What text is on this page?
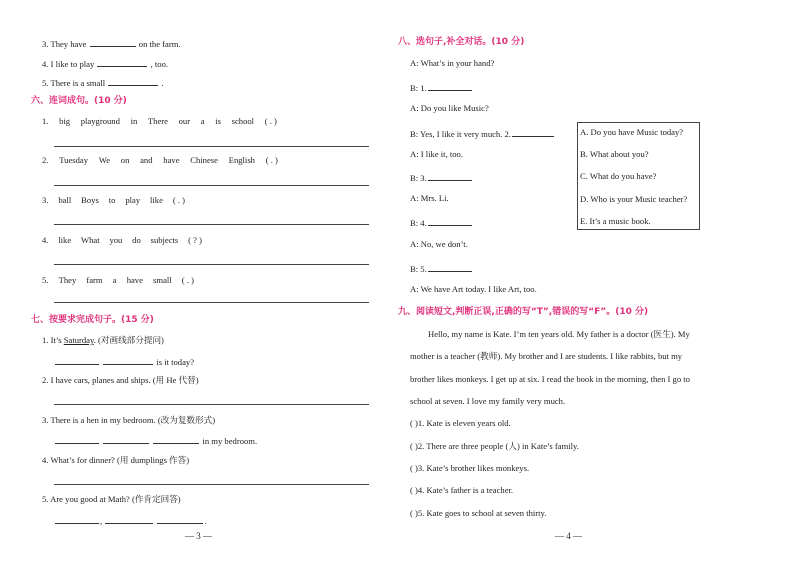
3. They have	on the farm.
4. I like to play	, too.
5. There is a small	.
六、连词成句。(10 分)
1. big playground in There our a is school ( . )
2. Tuesday We on and have Chinese English ( . )
3. ball Boys to play like ( . )
4. like What you do subjects ( ? )
5. They farm a have small ( . )
七、按要求完成句子。(15 分)
1. It’s Saturday. (对画线部分提问)
is it today?
2. I have cars, planes and ships. (用 He 代替)
3. There is a hen in my bedroom. (改为复数形式)
in my bedroom.
4. What’s for dinner? (用 dumplings 作答)
5. Are you good at Math? (作肯定回答)
,	.
— 3 —
八、选句子,补全对话。(10 分)
A: What’s in your hand?
B: 1.
A: Do you like Music?
B: Yes, I like it very much. 2.
A: I like it, too.
B: 3.
A: Mrs. Li.
B: 4.
A: No, we don’t.
B: 5.
A: We have Art today. I like Art, too.
A. Do you have Music today?
B. What about you?
C. What do you have?
D. Who is your Music teacher?
E. It’s a music book.
九、阅读短文,判断正误,正确的写“T”,错误的写“F”。(10 分)
Hello, my name is Kate. I’m ten years old. My father is a doctor (医生). My
mother is a teacher (教师). My brother and I are students. I like rabbits, but my
brother likes monkeys. I get up at six. I read the book in the morning, then I go to
school at seven. I love my family very much.
( )1. Kate is eleven years old.
( )2. There are three people (人) in Kate’s family.
( )3. Kate’s brother likes monkeys.
( )4. Kate’s father is a teacher.
( )5. Kate goes to school at seven thirty.
— 4 —
